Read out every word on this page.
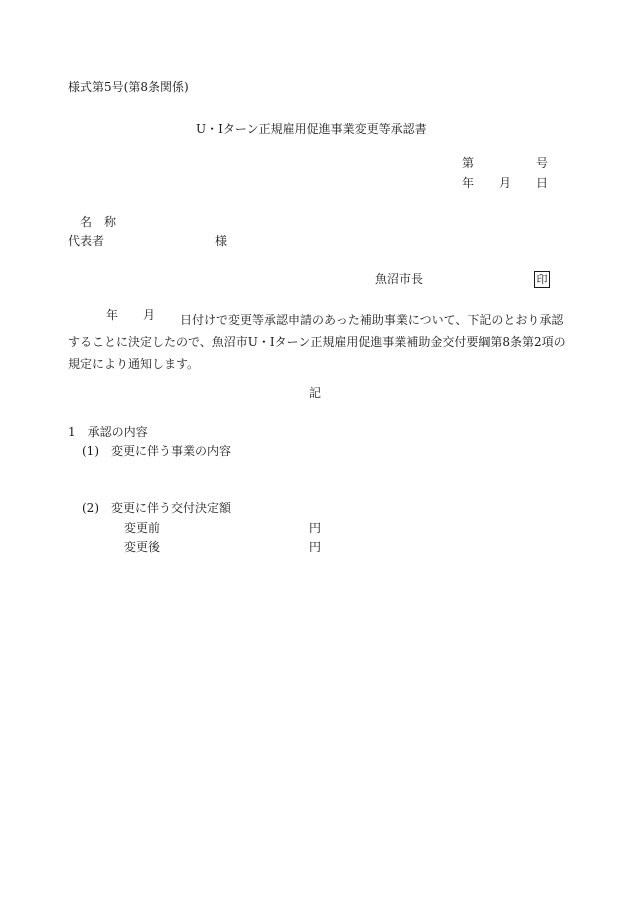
様式第5号(第8条関係)
U・Iターン正規雇用促進事業変更等承認書
第	号
年 月 日
名　称
代表者	様
魚沼市長	印
年 月	日付けで変更等承認申請のあった補助事業について、下記のとおり承認することに決定したので、魚沼市U・Iターン正規雇用促進事業補助金交付要綱第8条第2項の規定により通知します。
記
1　承認の内容
(1)　変更に伴う事業の内容
(2)　変更に伴う交付決定額
変更前	円
変更後	円
